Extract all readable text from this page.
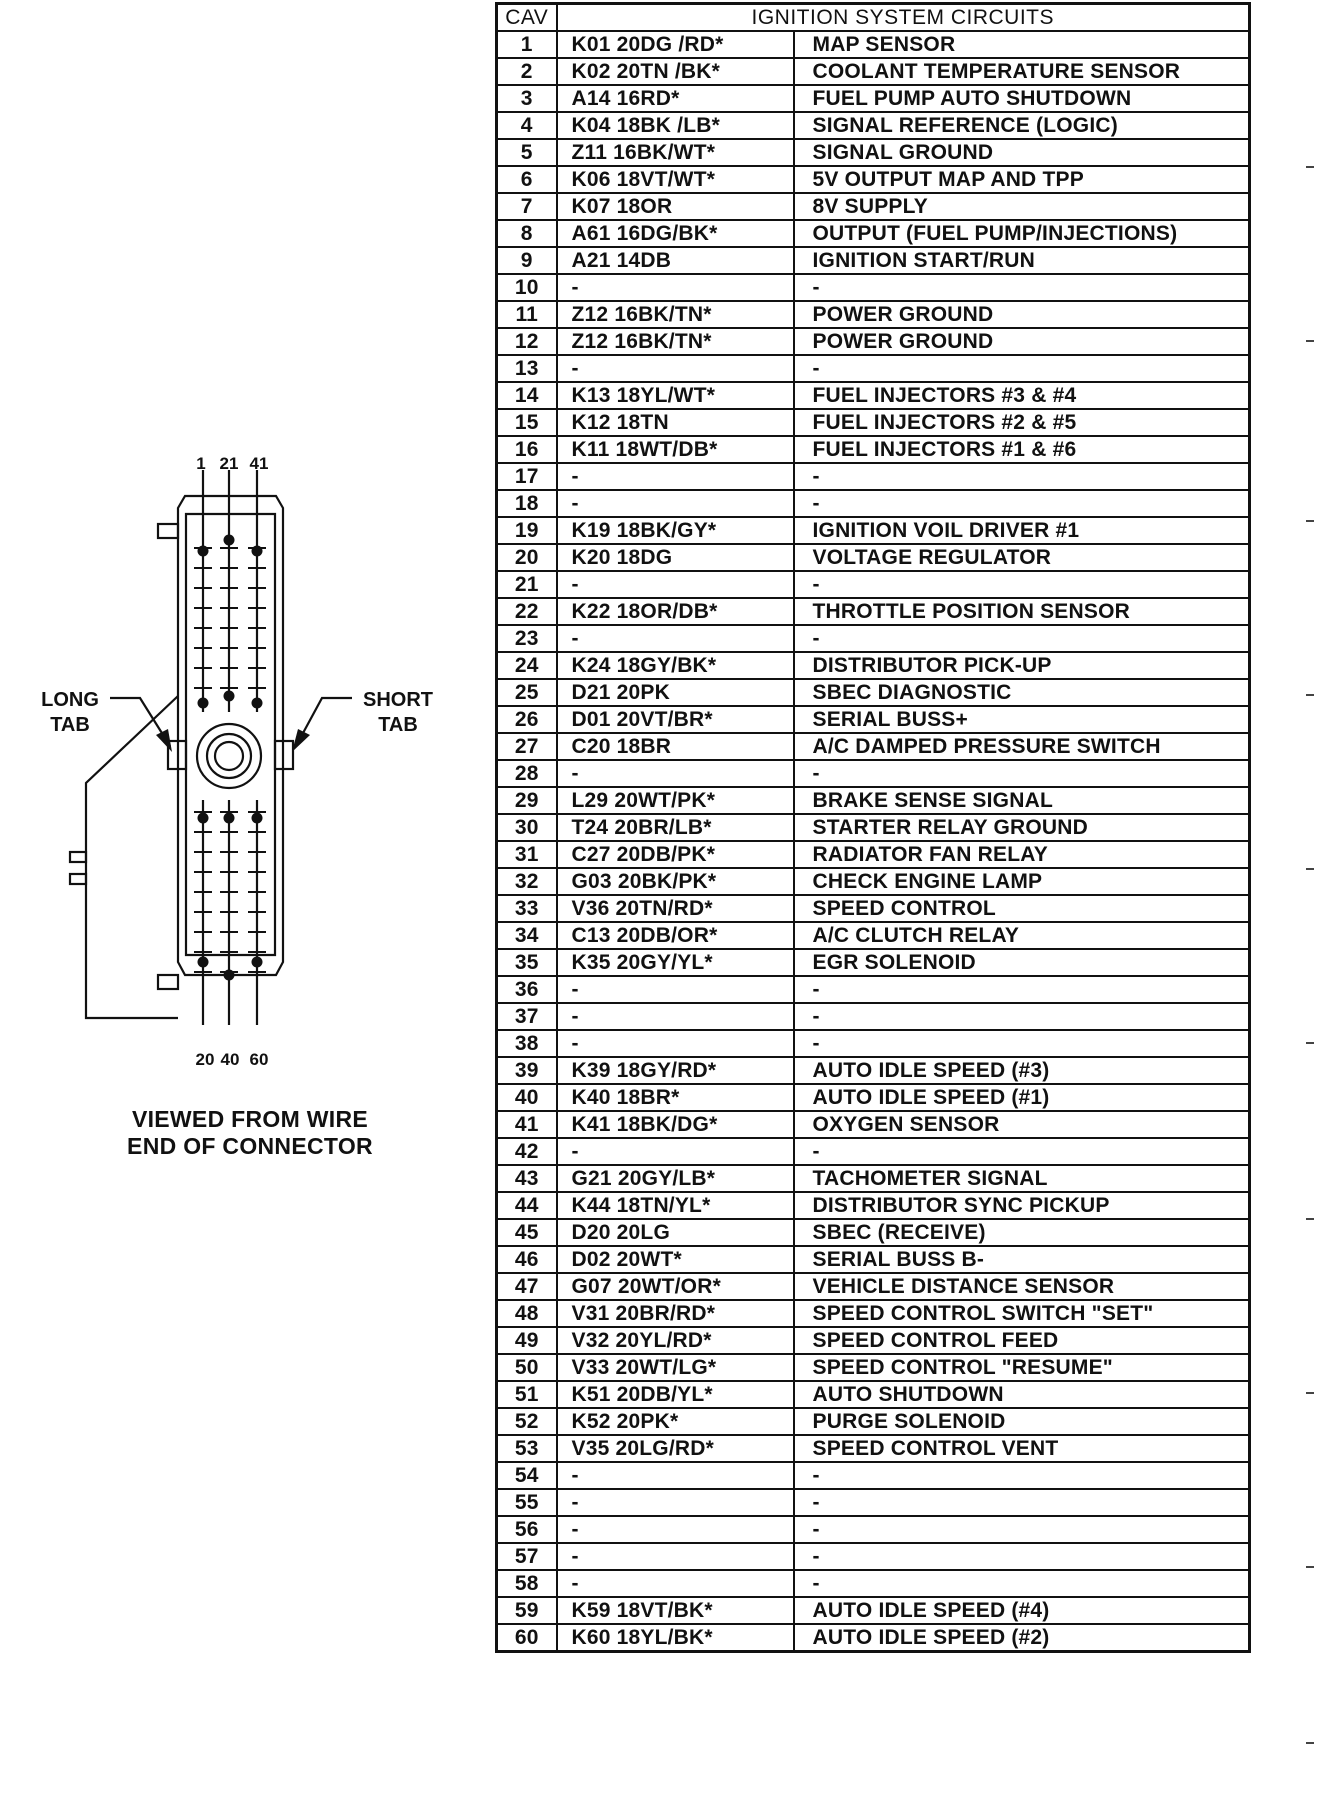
1 21 41
20 40 60
LONG
TAB
SHORT
TAB
VIEWED FROM WIRE
END OF CONNECTOR
CAV	IGNITION SYSTEM CIRCUITS	
1	K01 20DG /RD*	MAP SENSOR
2	K02 20TN /BK*	COOLANT TEMPERATURE SENSOR
3	A14 16RD*	FUEL PUMP AUTO SHUTDOWN
4	K04 18BK /LB*	SIGNAL REFERENCE (LOGIC)
5	Z11 16BK/WT*	SIGNAL GROUND
6	K06 18VT/WT*	5V OUTPUT MAP AND TPP
7	K07 18OR	8V SUPPLY
8	A61 16DG/BK*	OUTPUT (FUEL PUMP/INJECTIONS)
9	A21 14DB	IGNITION START/RUN
10	-	-
11	Z12 16BK/TN*	POWER GROUND
12	Z12 16BK/TN*	POWER GROUND
13	-	-
14	K13 18YL/WT*	FUEL INJECTORS #3 & #4
15	K12 18TN	FUEL INJECTORS #2 & #5
16	K11 18WT/DB*	FUEL INJECTORS #1 & #6
17	-	-
18	-	-
19	K19 18BK/GY*	IGNITION VOIL DRIVER #1
20	K20 18DG	VOLTAGE REGULATOR
21	-	-
22	K22 18OR/DB*	THROTTLE POSITION SENSOR
23	-	-
24	K24 18GY/BK*	DISTRIBUTOR PICK-UP
25	D21 20PK	SBEC DIAGNOSTIC
26	D01 20VT/BR*	SERIAL BUSS+
27	C20 18BR	A/C DAMPED PRESSURE SWITCH
28	-	-
29	L29 20WT/PK*	BRAKE SENSE SIGNAL
30	T24 20BR/LB*	STARTER RELAY GROUND
31	C27 20DB/PK*	RADIATOR FAN RELAY
32	G03 20BK/PK*	CHECK ENGINE LAMP
33	V36 20TN/RD*	SPEED CONTROL
34	C13 20DB/OR*	A/C CLUTCH RELAY
35	K35 20GY/YL*	EGR SOLENOID
36	-	-
37	-	-
38	-	-
39	K39 18GY/RD*	AUTO IDLE SPEED (#3)
40	K40 18BR*	AUTO IDLE SPEED (#1)
41	K41 18BK/DG*	OXYGEN SENSOR
42	-	-
43	G21 20GY/LB*	TACHOMETER SIGNAL
44	K44 18TN/YL*	DISTRIBUTOR SYNC PICKUP
45	D20 20LG	SBEC (RECEIVE)
46	D02 20WT*	SERIAL BUSS B-
47	G07 20WT/OR*	VEHICLE DISTANCE SENSOR
48	V31 20BR/RD*	SPEED CONTROL SWITCH "SET"
49	V32 20YL/RD*	SPEED CONTROL FEED
50	V33 20WT/LG*	SPEED CONTROL "RESUME"
51	K51 20DB/YL*	AUTO SHUTDOWN
52	K52 20PK*	PURGE SOLENOID
53	V35 20LG/RD*	SPEED CONTROL VENT
54	-	-
55	-	-
56	-	-
57	-	-
58	-	-
59	K59 18VT/BK*	AUTO IDLE SPEED (#4)
60	K60 18YL/BK*	AUTO IDLE SPEED (#2)
